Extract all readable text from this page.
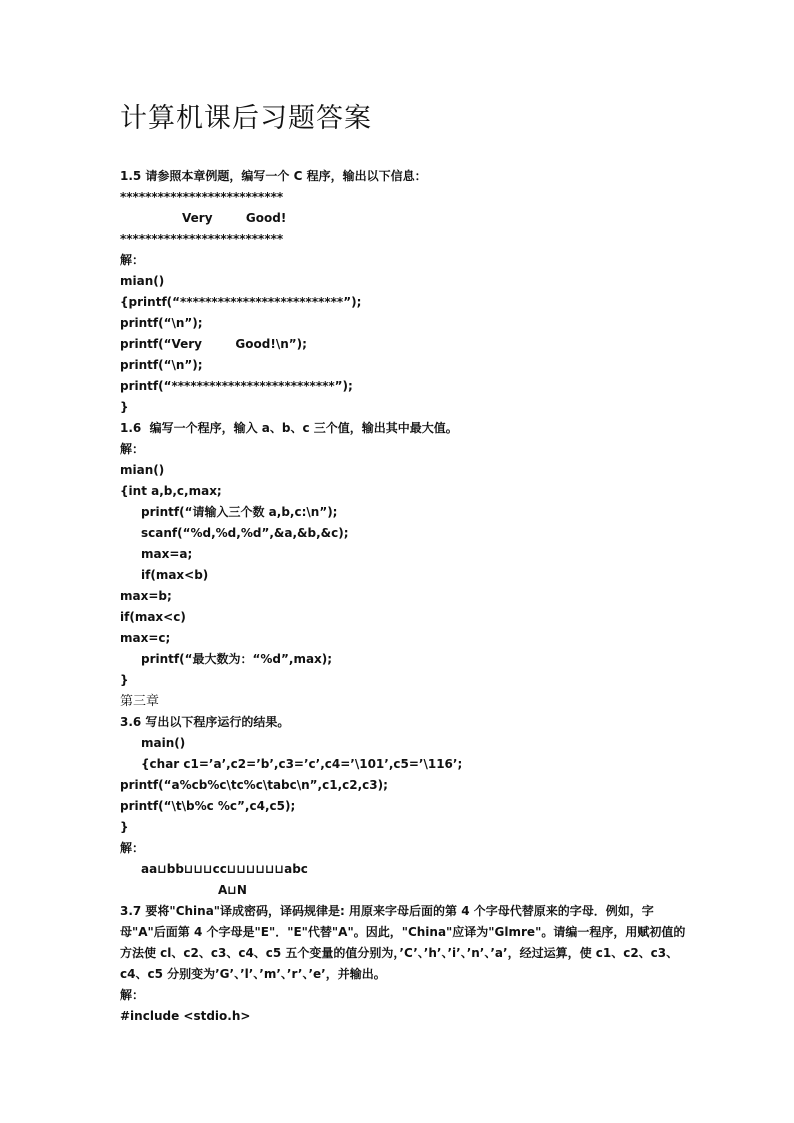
计算机课后习题答案
1.5 请参照本章例题，编写一个 C 程序，输出以下信息：
**************************
Very        Good!
**************************
解：
mian()
{printf(“**************************”);
printf(“\n”);
printf(“Very        Good!\n”);
printf(“\n”);
printf(“**************************”);
}
1.6  编写一个程序，输入 a、b、c 三个值，输出其中最大值。
解：
mian()
{int a,b,c,max;
printf(“请输入三个数 a,b,c:\n”);
scanf(“%d,%d,%d”,&a,&b,&c);
max=a;
if(max<b)
max=b;
if(max<c)
max=c;
printf(“最大数为：“%d”,max);
}
第三章
3.6 写出以下程序运行的结果。
main()
{char c1=’a’,c2=’b’,c3=’c’,c4=’\101’,c5=’\116’;
printf(“a%cb%c\tc%c\tabc\n”,c1,c2,c3);
printf(“\t\b%c %c”,c4,c5);
}
解：
aa⊔bb⊔⊔⊔cc⊔⊔⊔⊔⊔⊔abc
A⊔N
3.7 要将"China"译成密码，译码规律是: 用原来字母后面的第 4 个字母代替原来的字母．例如，字母"A"后面第 4 个字母是"E"．"E"代替"A"。因此，"China"应译为"Glmre"。请编一程序，用赋初值的方法使 cl、c2、c3、c4、c5 五个变量的值分别为，’C’、’h’、’i’、’n’、’a’，经过运算，使 c1、c2、c3、c4、c5 分别变为’G’、’l’、’m’、’r’、’e’，并输出。
解：
#include <stdio.h>
